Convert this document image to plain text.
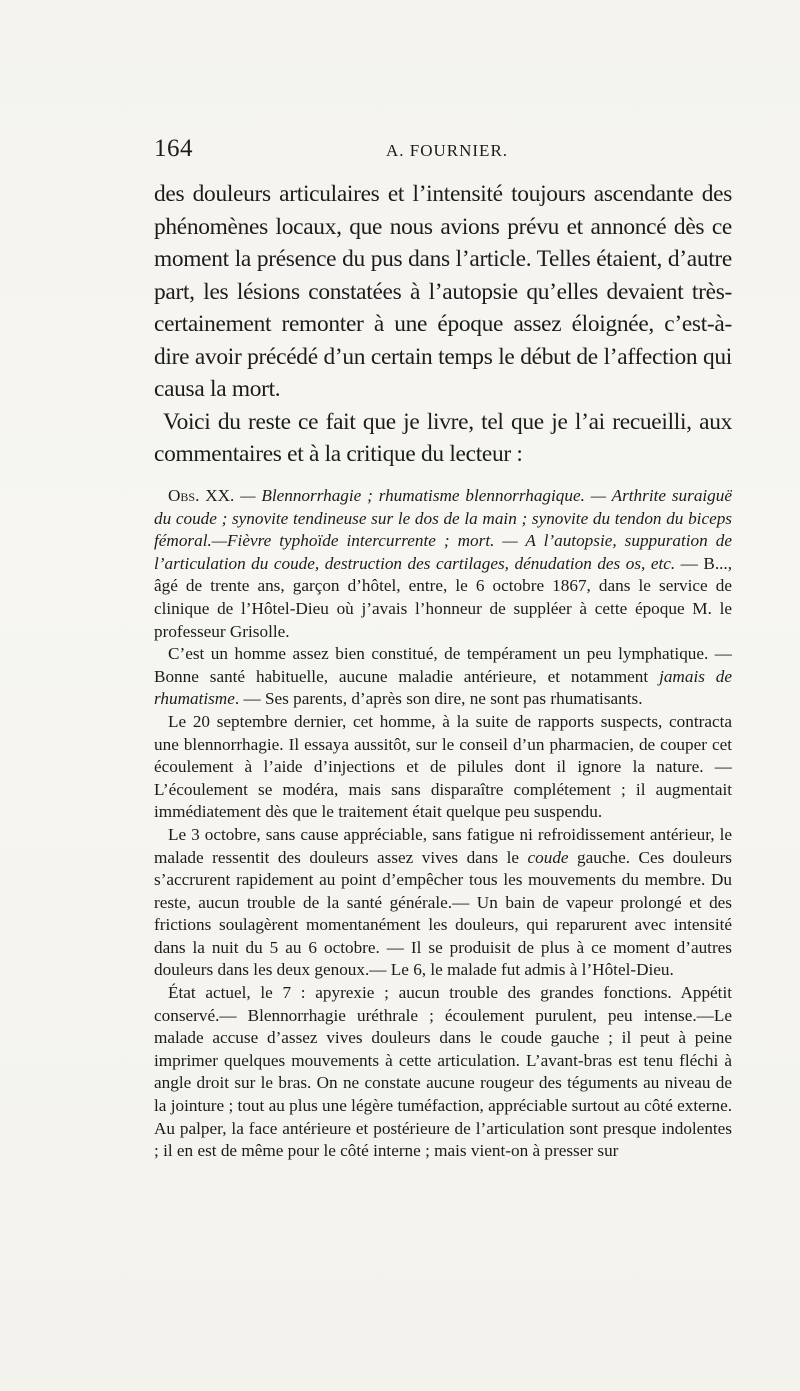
164	A. FOURNIER.

des douleurs articulaires et l’intensité toujours ascendante des phénomènes locaux, que nous avions prévu et annoncé dès ce moment la présence du pus dans l’article. Telles étaient, d’autre part, les lésions constatées à l’autopsie qu’elles devaient très-certainement remonter à une époque assez éloignée, c’est-à-dire avoir précédé d’un certain temps le début de l’affection qui causa la mort.

Voici du reste ce fait que je livre, tel que je l’ai recueilli, aux commentaires et à la critique du lecteur :

Obs. XX. — Blennorrhagie ; rhumatisme blennorrhagique. — Arthrite suraiguë du coude ; synovite tendineuse sur le dos de la main ; synovite du tendon du biceps fémoral.—Fièvre typhoïde intercurrente ; mort. — A l’autopsie, suppuration de l’articulation du coude, destruction des cartilages, dénudation des os, etc. — B..., âgé de trente ans, garçon d’hôtel, entre, le 6 octobre 1867, dans le service de clinique de l’Hôtel-Dieu où j’avais l’honneur de suppléer à cette époque M. le professeur Grisolle.

C’est un homme assez bien constitué, de tempérament un peu lymphatique. — Bonne santé habituelle, aucune maladie antérieure, et notamment jamais de rhumatisme. — Ses parents, d’après son dire, ne sont pas rhumatisants.

Le 20 septembre dernier, cet homme, à la suite de rapports suspects, contracta une blennorrhagie. Il essaya aussitôt, sur le conseil d’un pharmacien, de couper cet écoulement à l’aide d’injections et de pilules dont il ignore la nature. — L’écoulement se modéra, mais sans disparaître complétement ; il augmentait immédiatement dès que le traitement était quelque peu suspendu.

Le 3 octobre, sans cause appréciable, sans fatigue ni refroidissement antérieur, le malade ressentit des douleurs assez vives dans le coude gauche. Ces douleurs s’accrurent rapidement au point d’empêcher tous les mouvements du membre. Du reste, aucun trouble de la santé générale.— Un bain de vapeur prolongé et des frictions soulagèrent momentanément les douleurs, qui reparurent avec intensité dans la nuit du 5 au 6 octobre. — Il se produisit de plus à ce moment d’autres douleurs dans les deux genoux.— Le 6, le malade fut admis à l’Hôtel-Dieu.

État actuel, le 7 : apyrexie ; aucun trouble des grandes fonctions. Appétit conservé.— Blennorrhagie uréthrale ; écoulement purulent, peu intense.—Le malade accuse d’assez vives douleurs dans le coude gauche ; il peut à peine imprimer quelques mouvements à cette articulation. L’avant-bras est tenu fléchi à angle droit sur le bras. On ne constate aucune rougeur des téguments au niveau de la jointure ; tout au plus une légère tuméfaction, appréciable surtout au côté externe. Au palper, la face antérieure et postérieure de l’articulation sont presque indolentes ; il en est de même pour le côté interne ; mais vient-on à presser sur
